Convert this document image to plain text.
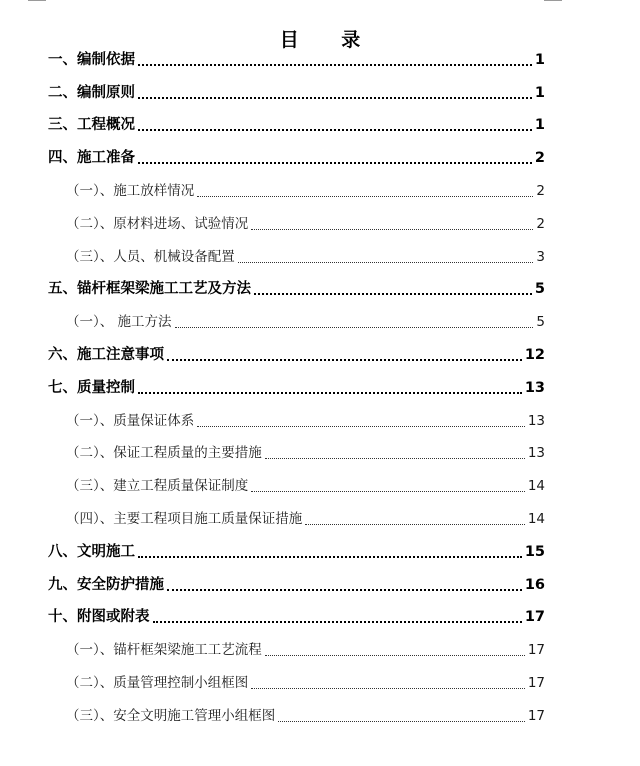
目 录
一、编制依据	1
二、编制原则	1
三、工程概况	1
四、施工准备	2
（一）、施工放样情况	2
（二）、原材料进场、试验情况	2
（三）、人员、机械设备配置	3
五、锚杆框架梁施工工艺及方法	5
（一）、 施工方法	5
六、施工注意事项	12
七、质量控制	13
（一）、质量保证体系	13
（二）、保证工程质量的主要措施	13
（三）、建立工程质量保证制度	14
（四）、主要工程项目施工质量保证措施	14
八、文明施工	15
九、安全防护措施	16
十、附图或附表	17
（一）、锚杆框架梁施工工艺流程	17
（二）、质量管理控制小组框图	17
（三）、安全文明施工管理小组框图	17
